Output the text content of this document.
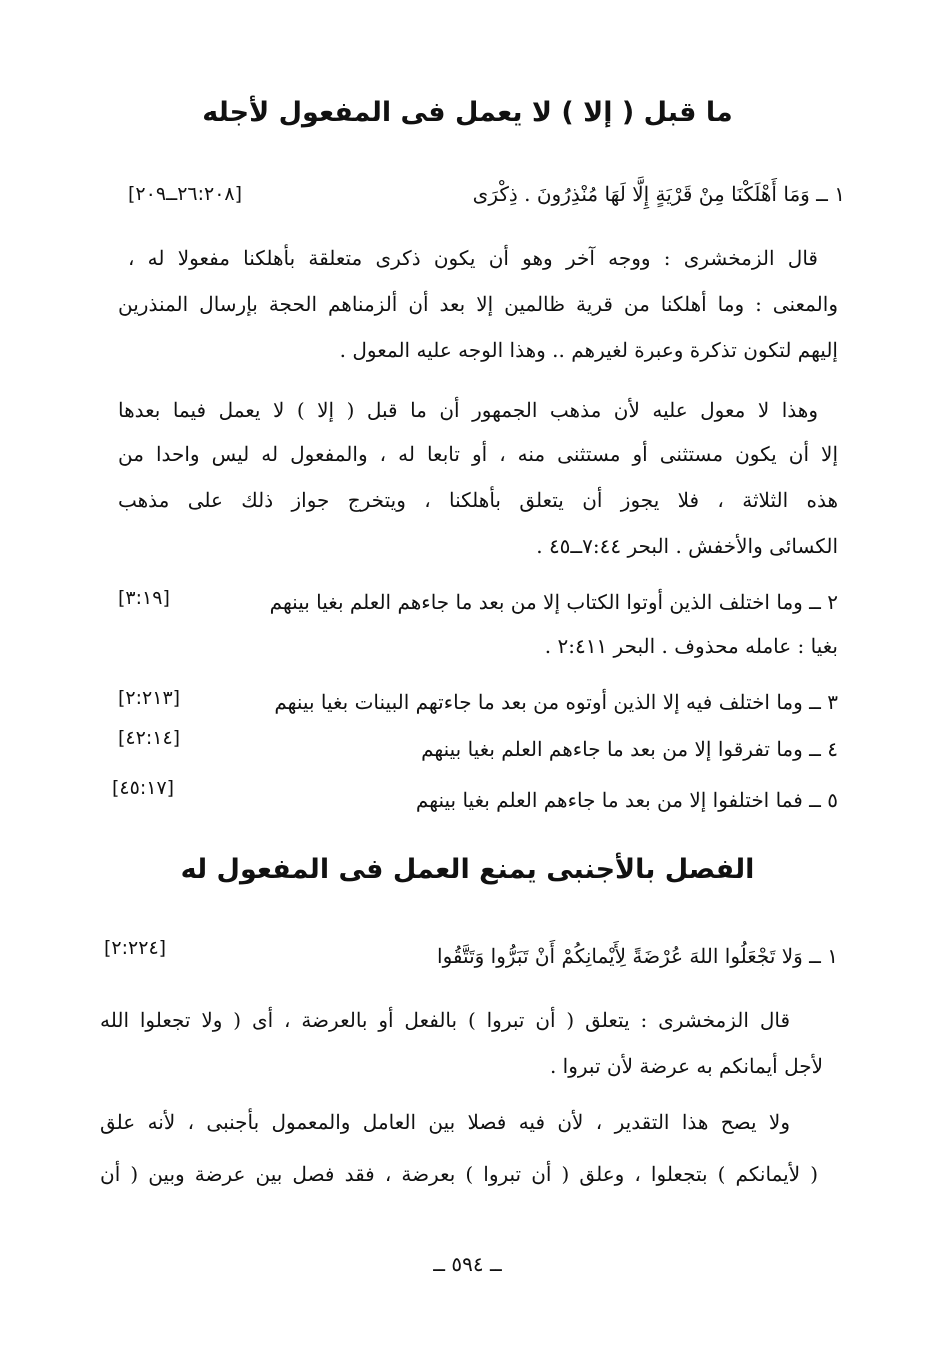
ما قبل ( إلا ) لا يعمل فى المفعول لأجله
١ ــ وَمَا أَهْلَكْنَا مِنْ قَرْيَةٍ إِلَّا لَهَا مُنْذِرُونَ . ذِكْرَى
[٢٦:٢٠٨ــ٢٠٩]
قال الزمخشرى : ووجه آخر وهو أن يكون ذكرى متعلقة بأهلكنا مفعولا له ،
والمعنى : وما أهلكنا من قرية ظالمين إلا بعد أن ألزمناهم الحجة بإرسال المنذرين
إليهم لتكون تذكرة وعبرة لغيرهم .. وهذا الوجه عليه المعول .
وهذا لا معول عليه لأن مذهب الجمهور أن ما قبل ( إلا ) لا يعمل فيما بعدها
إلا أن يكون مستثنى أو مستثنى منه ، أو تابعا له ، والمفعول له ليس واحدا من
هذه الثلاثة ، فلا يجوز أن يتعلق بأهلكنا ، ويتخرج جواز ذلك على مذهب
الكسائى والأخفش . البحر ٧:٤٤ــ٤٥ .
٢ ــ وما اختلف الذين أوتوا الكتاب إلا من بعد ما جاءهم العلم بغيا بينهم
[٣:١٩]
بغيا : عامله محذوف . البحر ٢:٤١١ .
٣ ــ وما اختلف فيه إلا الذين أوتوه من بعد ما جاءتهم البينات بغيا بينهم
[٢:٢١٣]
٤ ــ وما تفرقوا إلا من بعد ما جاءهم العلم بغيا بينهم
[٤٢:١٤]
٥ ــ فما اختلفوا إلا من بعد ما جاءهم العلم بغيا بينهم
[٤٥:١٧]
الفصل بالأجنبى يمنع العمل فى المفعول له
١ ــ وَلا تَجْعَلُوا اللهَ عُرْضَةً لِأَيْمانِكُمْ أَنْ تَبَرُّوا وَتَتَّقُوا
[٢:٢٢٤]
قال الزمخشرى : يتعلق ( أن تبروا ) بالفعل أو بالعرضة ، أى ( ولا تجعلوا الله
لأجل أيمانكم به عرضة لأن تبروا .
ولا يصح هذا التقدير ، لأن فيه فصلا بين العامل والمعمول بأجنبى ، لأنه علق
( لأيمانكم ) بتجعلوا ، وعلق ( أن تبروا ) بعرضة ، فقد فصل بين عرضة وبين ( أن
ــ ٥٩٤ ــ
